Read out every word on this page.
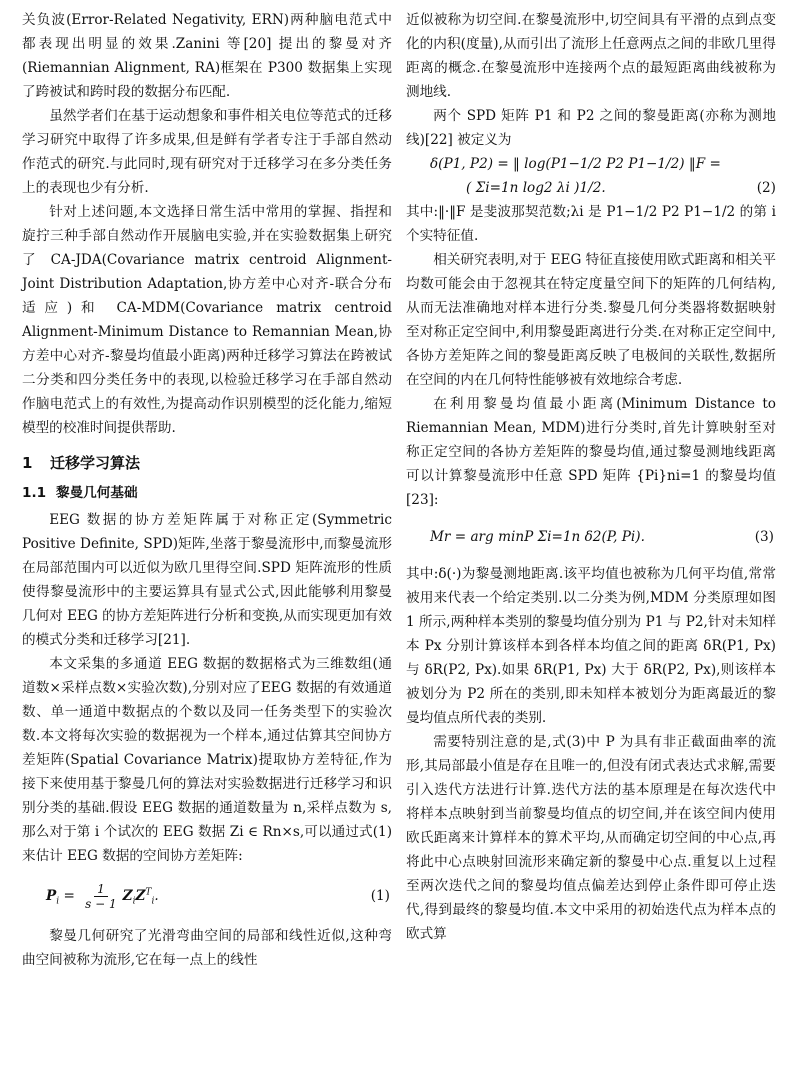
关负波(Error-Related Negativity, ERN)两种脑电范式中都表现出明显的效果.Zanini 等[20] 提出的黎曼对齐(Riemannian Alignment, RA)框架在 P300 数据集上实现了跨被试和跨时段的数据分布匹配.

虽然学者们在基于运动想象和事件相关电位等范式的迁移学习研究中取得了许多成果,但是鲜有学者专注于手部自然动作范式的研究.与此同时,现有研究对于迁移学习在多分类任务上的表现也少有分析.

针对上述问题,本文选择日常生活中常用的掌握、指捏和旋拧三种手部自然动作开展脑电实验,并在实验数据集上研究了 CA-JDA(Covariance matrix centroid Alignment-Joint Distribution Adaptation,协方差中心对齐-联合分布适应)和 CA-MDM(Covariance matrix centroid Alignment-Minimum Distance to Remannian Mean,协方差中心对齐-黎曼均值最小距离)两种迁移学习算法在跨被试二分类和四分类任务中的表现,以检验迁移学习在手部自然动作脑电范式上的有效性,为提高动作识别模型的泛化能力,缩短模型的校准时间提供帮助.

1 迁移学习算法
1.1 黎曼几何基础

EEG 数据的协方差矩阵属于对称正定(Symmetric Positive Definite, SPD)矩阵,坐落于黎曼流形中,而黎曼流形在局部范围内可以近似为欧几里得空间.SPD 矩阵流形的性质使得黎曼流形中的主要运算具有显式公式,因此能够利用黎曼几何对 EEG 的协方差矩阵进行分析和变换,从而实现更加有效的模式分类和迁移学习[21].

本文采集的多通道 EEG 数据的数据格式为三维数组(通道数×采样点数×实验次数),分别对应了EEG 数据的有效通道数、单一通道中数据点的个数以及同一任务类型下的实验次数.本文将每次实验的数据视为一个样本,通过估算其空间协方差矩阵(Spatial Covariance Matrix)提取协方差特征,作为接下来使用基于黎曼几何的算法对实验数据进行迁移学习和识别分类的基础.假设 EEG 数据的通道数量为 n,采样点数为 s,那么对于第 i 个试次的 EEG 数据 Zi ∈ Rn×s,可以通过式(1)来估计 EEG 数据的空间协方差矩阵:

$P_i = \frac{1}{s - 1} Z_iZ^T_i$.	(1)

黎曼几何研究了光滑弯曲空间的局部和线性近似,这种弯曲空间被称为流形,它在每一点上的线性

近似被称为切空间.在黎曼流形中,切空间具有平滑的点到点变化的内积(度量),从而引出了流形上任意两点之间的非欧几里得距离的概念.在黎曼流形中连接两个点的最短距离曲线被称为测地线.

两个 SPD 矩阵 P1 和 P2 之间的黎曼距离(亦称为测地线)[22] 被定义为

δ(P1, P2) = ‖ log(P1−1/2 P2 P1−1/2) ‖F =
( Σi=1n log2 λi )1/2.	(2)

其中:‖·‖F 是斐波那契范数;λi 是 P1−1/2 P2 P1−1/2 的第 i 个实特征值.

相关研究表明,对于 EEG 特征直接使用欧式距离和相关平均数可能会由于忽视其在特定度量空间下的矩阵的几何结构,从而无法准确地对样本进行分类.黎曼几何分类器将数据映射至对称正定空间中,利用黎曼距离进行分类.在对称正定空间中,各协方差矩阵之间的黎曼距离反映了电极间的关联性,数据所在空间的内在几何特性能够被有效地综合考虑.

在利用黎曼均值最小距离(Minimum Distance to Riemannian Mean, MDM)进行分类时,首先计算映射至对称正定空间的各协方差矩阵的黎曼均值,通过黎曼测地线距离可以计算黎曼流形中任意 SPD 矩阵 {Pi}ni=1 的黎曼均值[23]:

Mr = arg minP Σi=1n δ2(P, Pi).	(3)

其中:δ(·)为黎曼测地距离.该平均值也被称为几何平均值,常常被用来代表一个给定类别.以二分类为例,MDM 分类原理如图 1 所示,两种样本类别的黎曼均值分别为 P1 与 P2,针对未知样本 Px 分别计算该样本到各样本均值之间的距离 δR(P1, Px) 与 δR(P2, Px).如果 δR(P1, Px) 大于 δR(P2, Px),则该样本被划分为 P2 所在的类别,即未知样本被划分为距离最近的黎曼均值点所代表的类别.

需要特别注意的是,式(3)中 P 为具有非正截面曲率的流形,其局部最小值是存在且唯一的,但没有闭式表达式求解,需要引入迭代方法进行计算.迭代方法的基本原理是在每次迭代中将样本点映射到当前黎曼均值点的切空间,并在该空间内使用欧氏距离来计算样本的算术平均,从而确定切空间的中心点,再将此中心点映射回流形来确定新的黎曼中心点.重复以上过程至两次迭代之间的黎曼均值点偏差达到停止条件即可停止迭代,得到最终的黎曼均值.本文中采用的初始迭代点为样本点的欧式算
